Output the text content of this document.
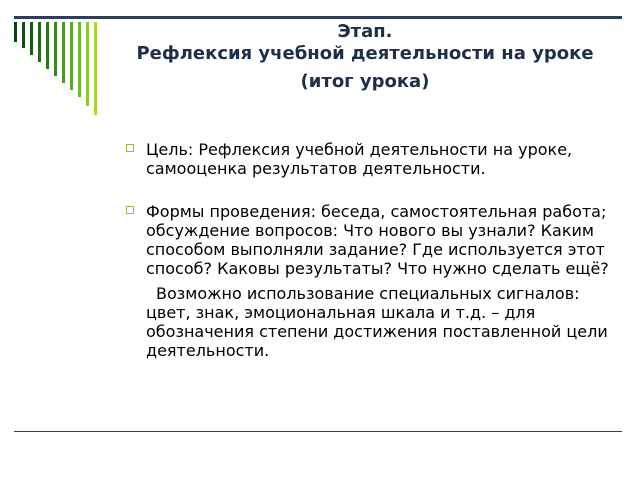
Этап.
Рефлексия учебной деятельности на уроке
(итог урока)
Цель: Рефлексия учебной деятельности на уроке, самооценка результатов деятельности.
Формы проведения: беседа, самостоятельная работа; обсуждение вопросов: Что нового вы узнали? Каким способом выполняли задание? Где используется этот способ? Каковы результаты? Что нужно сделать ещё?
Возможно использование специальных сигналов: цвет, знак, эмоциональная шкала и т.д. – для обозначения степени достижения поставленной цели деятельности.
